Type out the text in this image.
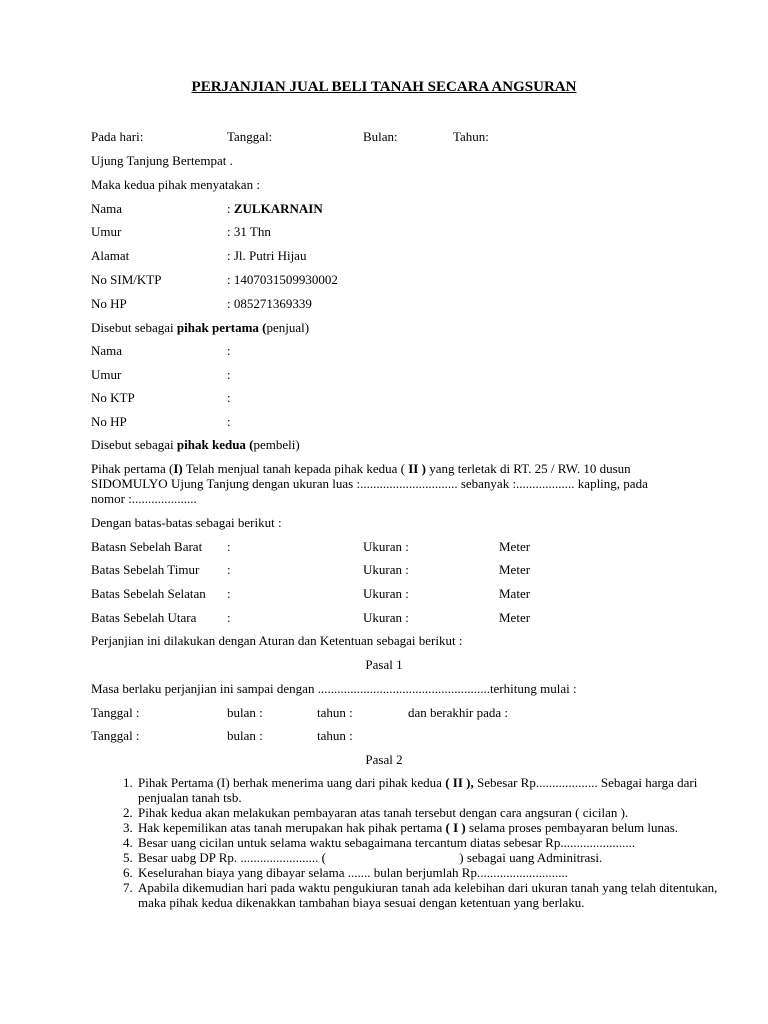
PERJANJIAN JUAL BELI TANAH SECARA ANGSURAN
Pada hari:	Tanggal:	Bulan:	Tahun:
Ujung Tanjung Bertempat .
Maka kedua pihak menyatakan :
Nama	: ZULKARNAIN
Umur	: 31 Thn
Alamat	: Jl. Putri Hijau
No SIM/KTP	: 1407031509930002
No HP	: 085271369339
Disebut sebagai pihak pertama (penjual)
Nama	:
Umur	:
No KTP	:
No HP	:
Disebut sebagai pihak kedua (pembeli)
Pihak pertama (I) Telah menjual tanah kepada pihak kedua ( II ) yang terletak di RT. 25 / RW. 10 dusun SIDOMULYO Ujung Tanjung dengan ukuran luas :.............................. sebanyak :.................. kapling, pada nomor :....................
Dengan batas-batas sebagai berikut :
Batasn Sebelah Barat :	Ukuran :	Meter
Batas Sebelah Timur :	Ukuran :	Meter
Batas Sebelah Selatan :	Ukuran :	Mater
Batas Sebelah Utara :	Ukuran :	Meter
Perjanjian ini dilakukan dengan Aturan dan Ketentuan sebagai berikut :
Pasal 1
Masa berlaku perjanjian ini sampai dengan .....................................................terhitung mulai :
Tanggal :	bulan :	tahun :	dan berakhir pada :
Tanggal :	bulan :	tahun :
Pasal 2
1. Pihak Pertama (I) berhak menerima uang dari pihak kedua ( II ), Sebesar Rp................... Sebagai harga dari penjualan tanah tsb.
2. Pihak kedua akan melakukan pembayaran atas tanah tersebut dengan cara angsuran ( cicilan ).
3. Hak kepemilikan atas tanah merupakan hak pihak pertama ( I ) selama proses pembayaran belum lunas.
4. Besar uang cicilan untuk selama waktu sebagaimana tercantum diatas sebesar Rp.......................
5. Besar uabg DP Rp. ........................ (                                         ) sebagai uang Adminitrasi.
6. Keselurahan biaya yang dibayar selama ....... bulan berjumlah Rp............................
7. Apabila dikemudian hari pada waktu pengukiuran tanah ada kelebihan dari ukuran tanah yang telah ditentukan, maka pihak kedua dikenakkan tambahan biaya sesuai dengan ketentuan yang berlaku.
